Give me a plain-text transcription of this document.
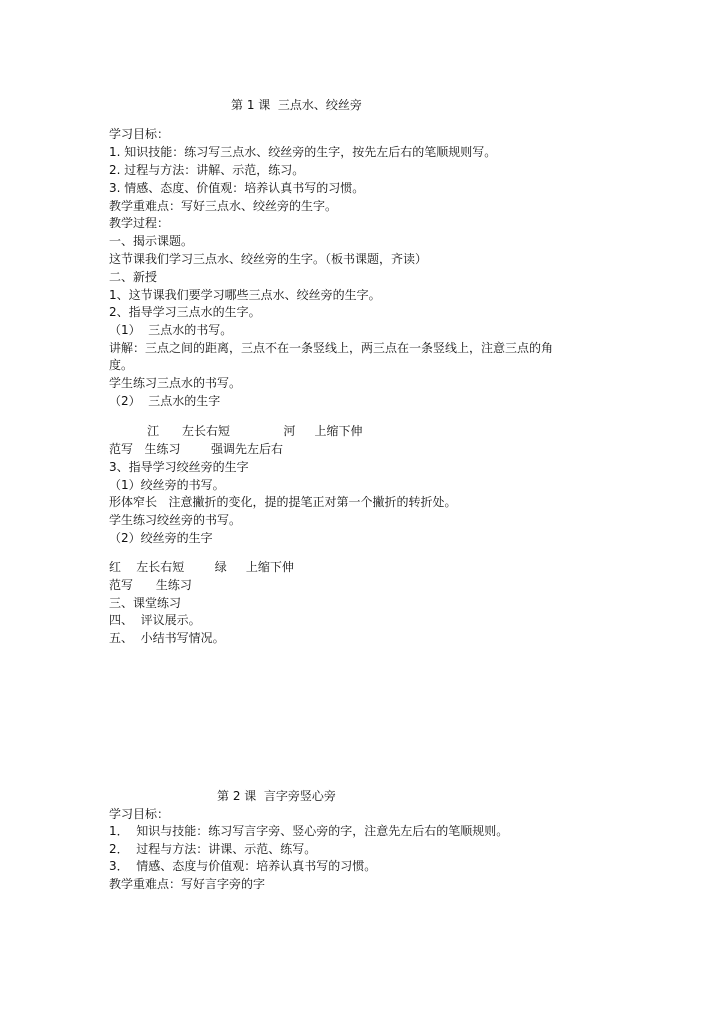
第 1 课  三点水、绞丝旁
学习目标：
1. 知识技能：练习写三点水、绞丝旁的生字，按先左后右的笔顺规则写。
2. 过程与方法：讲解、示范，练习。
3. 情感、态度、价值观：培养认真书写的习惯。
教学重难点：写好三点水、绞丝旁的生字。
教学过程：
一、揭示课题。
这节课我们学习三点水、绞丝旁的生字。（板书课题，齐读）
二、新授
1、这节课我们要学习哪些三点水、绞丝旁的生字。
2、指导学习三点水的生字。
（1）  三点水的书写。
讲解：三点之间的距离，三点不在一条竖线上，两三点在一条竖线上，注意三点的角
度。
学生练习三点水的书写。
（2）  三点水的生字
江      左长右短              河     上缩下伸
范写   生练习        强调先左后右
3、指导学习绞丝旁的生字
（1）绞丝旁的书写。
形体窄长   注意撇折的变化，提的提笔正对第一个撇折的转折处。
学生练习绞丝旁的书写。
（2）绞丝旁的生字
红    左长右短        绿     上缩下伸
范写      生练习
三、课堂练习
四、  评议展示。
五、  小结书写情况。
第 2 课  言字旁竖心旁
学习目标：
1．  知识与技能：练习写言字旁、竖心旁的字，注意先左后右的笔顺规则。
2．  过程与方法：讲课、示范、练写。
3．  情感、态度与价值观：培养认真书写的习惯。
教学重难点：写好言字旁的字
